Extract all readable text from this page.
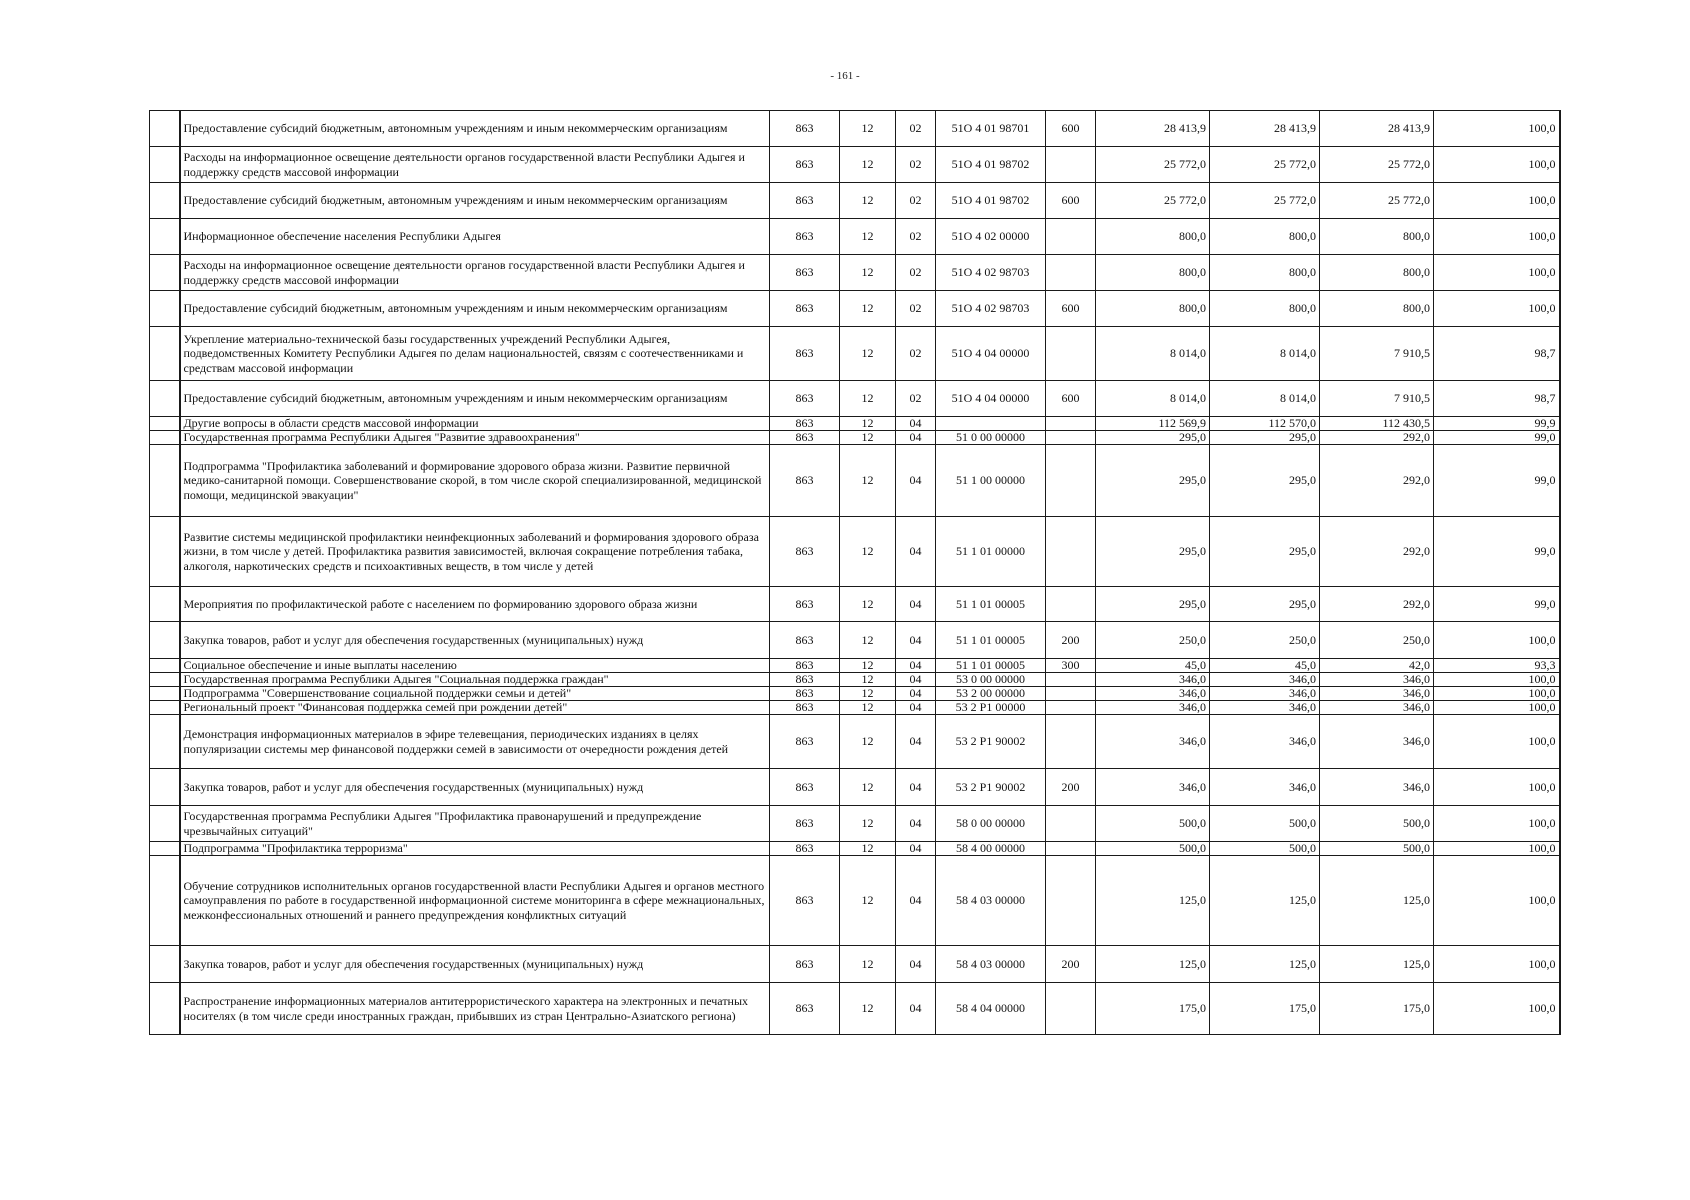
- 161 -
	Предоставление субсидий бюджетным, автономным учреждениям и иным некоммерческим организациям	863	12	02	51О 4 01 98701	600	28 413,9	28 413,9	28 413,9	100,0
	Расходы на информационное освещение деятельности органов государственной власти Республики Адыгея и поддержку средств массовой информации	863	12	02	51О 4 01 98702		25 772,0	25 772,0	25 772,0	100,0
	Предоставление субсидий бюджетным, автономным учреждениям и иным некоммерческим организациям	863	12	02	51О 4 01 98702	600	25 772,0	25 772,0	25 772,0	100,0
	Информационное обеспечение населения Республики Адыгея	863	12	02	51О 4 02 00000		800,0	800,0	800,0	100,0
	Расходы на информационное освещение деятельности органов государственной власти Республики Адыгея и поддержку средств массовой информации	863	12	02	51О 4 02 98703		800,0	800,0	800,0	100,0
	Предоставление субсидий бюджетным, автономным учреждениям и иным некоммерческим организациям	863	12	02	51О 4 02 98703	600	800,0	800,0	800,0	100,0
	Укрепление материально-технической базы государственных учреждений Республики Адыгея, подведомственных Комитету Республики Адыгея по делам национальностей, связям с соотечественниками и средствам массовой информации	863	12	02	51О 4 04 00000		8 014,0	8 014,0	7 910,5	98,7
	Предоставление субсидий бюджетным, автономным учреждениям и иным некоммерческим организациям	863	12	02	51О 4 04 00000	600	8 014,0	8 014,0	7 910,5	98,7
	Другие вопросы в области средств массовой информации	863	12	04			112 569,9	112 570,0	112 430,5	99,9
	Государственная программа Республики Адыгея "Развитие здравоохранения"	863	12	04	51 0 00 00000		295,0	295,0	292,0	99,0
	Подпрограмма "Профилактика заболеваний и формирование здорового образа жизни. Развитие первичной медико-санитарной помощи. Совершенствование скорой, в том числе скорой специализированной, медицинской помощи, медицинской эвакуации"	863	12	04	51 1 00 00000		295,0	295,0	292,0	99,0
	Развитие системы медицинской профилактики неинфекционных заболеваний и формирования здорового образа жизни, в том числе у детей. Профилактика развития зависимостей, включая сокращение потребления табака, алкоголя, наркотических средств и психоактивных веществ, в том числе у детей	863	12	04	51 1 01 00000		295,0	295,0	292,0	99,0
	Мероприятия по профилактической работе с населением по формированию здорового образа жизни	863	12	04	51 1 01 00005		295,0	295,0	292,0	99,0
	Закупка товаров, работ и услуг для обеспечения государственных (муниципальных) нужд	863	12	04	51 1 01 00005	200	250,0	250,0	250,0	100,0
	Социальное обеспечение и иные выплаты населению	863	12	04	51 1 01 00005	300	45,0	45,0	42,0	93,3
	Государственная программа Республики Адыгея "Социальная поддержка граждан"	863	12	04	53 0 00 00000		346,0	346,0	346,0	100,0
	Подпрограмма "Совершенствование социальной поддержки семьи и детей"	863	12	04	53 2 00 00000		346,0	346,0	346,0	100,0
	Региональный проект "Финансовая поддержка семей при рождении детей"	863	12	04	53 2 P1 00000		346,0	346,0	346,0	100,0
	Демонстрация информационных материалов в эфире телевещания, периодических изданиях в целях популяризации системы мер финансовой поддержки семей в зависимости от очередности рождения детей	863	12	04	53 2 P1 90002		346,0	346,0	346,0	100,0
	Закупка товаров, работ и услуг для обеспечения государственных (муниципальных) нужд	863	12	04	53 2 P1 90002	200	346,0	346,0	346,0	100,0
	Государственная программа Республики Адыгея "Профилактика правонарушений и предупреждение чрезвычайных ситуаций"	863	12	04	58 0 00 00000		500,0	500,0	500,0	100,0
	Подпрограмма "Профилактика терроризма"	863	12	04	58 4 00 00000		500,0	500,0	500,0	100,0
	Обучение сотрудников исполнительных органов государственной власти Республики Адыгея и органов местного самоуправления по работе в государственной информационной системе мониторинга в сфере межнациональных, межконфессиональных отношений и раннего предупреждения конфликтных ситуаций	863	12	04	58 4 03 00000		125,0	125,0	125,0	100,0
	Закупка товаров, работ и услуг для обеспечения государственных (муниципальных) нужд	863	12	04	58 4 03 00000	200	125,0	125,0	125,0	100,0
	Распространение информационных материалов антитеррористического характера на электронных и печатных носителях (в том числе среди иностранных граждан, прибывших из стран Центрально-Азиатского региона)	863	12	04	58 4 04 00000		175,0	175,0	175,0	100,0
